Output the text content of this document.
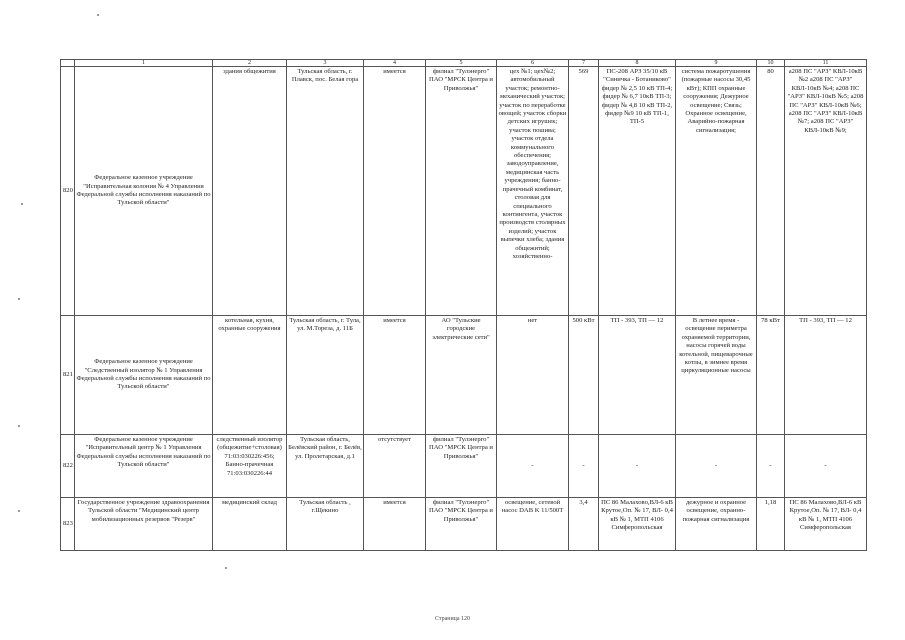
	1	2	3	4	5	6	7	8	9	10	11
820	Федеральное казенное учреждение "Исправительная колония № 4 Управления Федеральной службы исполнения наказаний по Тульской области"	здания общежития	Тульская область, г. Плавск, пос. Белая гора	имеется	филиал "Тулэнерго" ПАО "МРСК Центра и Приволжья"	цех №1; цех№2; автомобильный участок; ремонтно-механический участок; участок по переработке овощей; участок сборки детских игрушек; участок пошива; участок отдела коммунального обеспечения; заводоуправление, медицинская часть учреждения; банно-прачечный комбинат, столовая для специального контингента, участок производств столярных изделий; участок выпечки хлеба; здания общежитий; хозяйственно-	569	ПС-208 АРЗ 35/10 кВ "Синичка - Ботаниково" фидер № 2,5 10 кВ ТП-4; фидер № 6,7 10кВ ТП-3; фидер № 4,8 10 кВ ТП-2, фидер №9 10 кВ ТП-1, ТП-5	система пожаротушения (пожарные насосы 30,45 кВт); КПП охранные сооружения; Дежурное освещение; Связь; Охранное освещение, Аварийно-пожарная сигнализация;	80	а208 ПС "АРЗ" КВЛ-10кВ №2 а208 ПС "АРЗ" КВЛ-10кВ №4; а208 ПС "АРЗ" КВЛ-10кВ №5; а208 ПС "АРЗ" КВЛ-10кВ №6; а208 ПС "АРЗ" КВЛ-10кВ №7; а208 ПС "АРЗ" КВЛ-10кВ №9;
821	Федеральное казенное учреждение "Следственный изолятор № 1 Управления Федеральной службы исполнения наказаний по Тульской области"	котельная, кухня, охранные сооружения	Тульская область, г. Тула, ул. М.Тореза, д. 11Б	имеется	АО "Тульские городские электрические сети"	нет	500 кВт	ТП - 393, ТП — 12	В летнее время - освещение периметра охраняемой территории, насосы горячей воды котельной, пищеварочные котлы, в зимнее время циркуляционные насосы	78 кВт	ТП - 393, ТП — 12
822	Федеральное казенное учреждение "Исправительный центр № 1 Управления Федеральной службы исполнения наказаний по Тульской области"	следственный изолятор (общежитие+столовая) 71:03:030226:456; Банно-прачечная 71:03:030226:44	Тульская область, Белёвский район, г. Белёв, ул. Пролетарская, д.1	отсутствует	филиал "Тулэнерго" ПАО "МРСК Центра и Приволжья"	-	-	-	-	-	-
823	Государственное учреждение здравоохранения Тульской области "Медицинский центр мобилизационных резервов "Резерв"	медицинский склад	Тульская область , г.Щекино	имеется	филиал "Тулэнерго" ПАО "МРСК Центра и Приволжья"	освещение, сетевой насос DAB K 11/500T	3,4	ПС 86 Малахово,ВЛ-6 кВ Крутое,Оп. № 17, ВЛ- 0,4 кВ № 1, МТП 4106 Симферопольская	дежурное и охранное освещение, охранно-пожарная сигнализация	1,18	ПС 86 Малахово,ВЛ-6 кВ Крутое,Оп. № 17, ВЛ- 0,4 кВ № 1, МТП 4106 Симферопольская
Страница 120
